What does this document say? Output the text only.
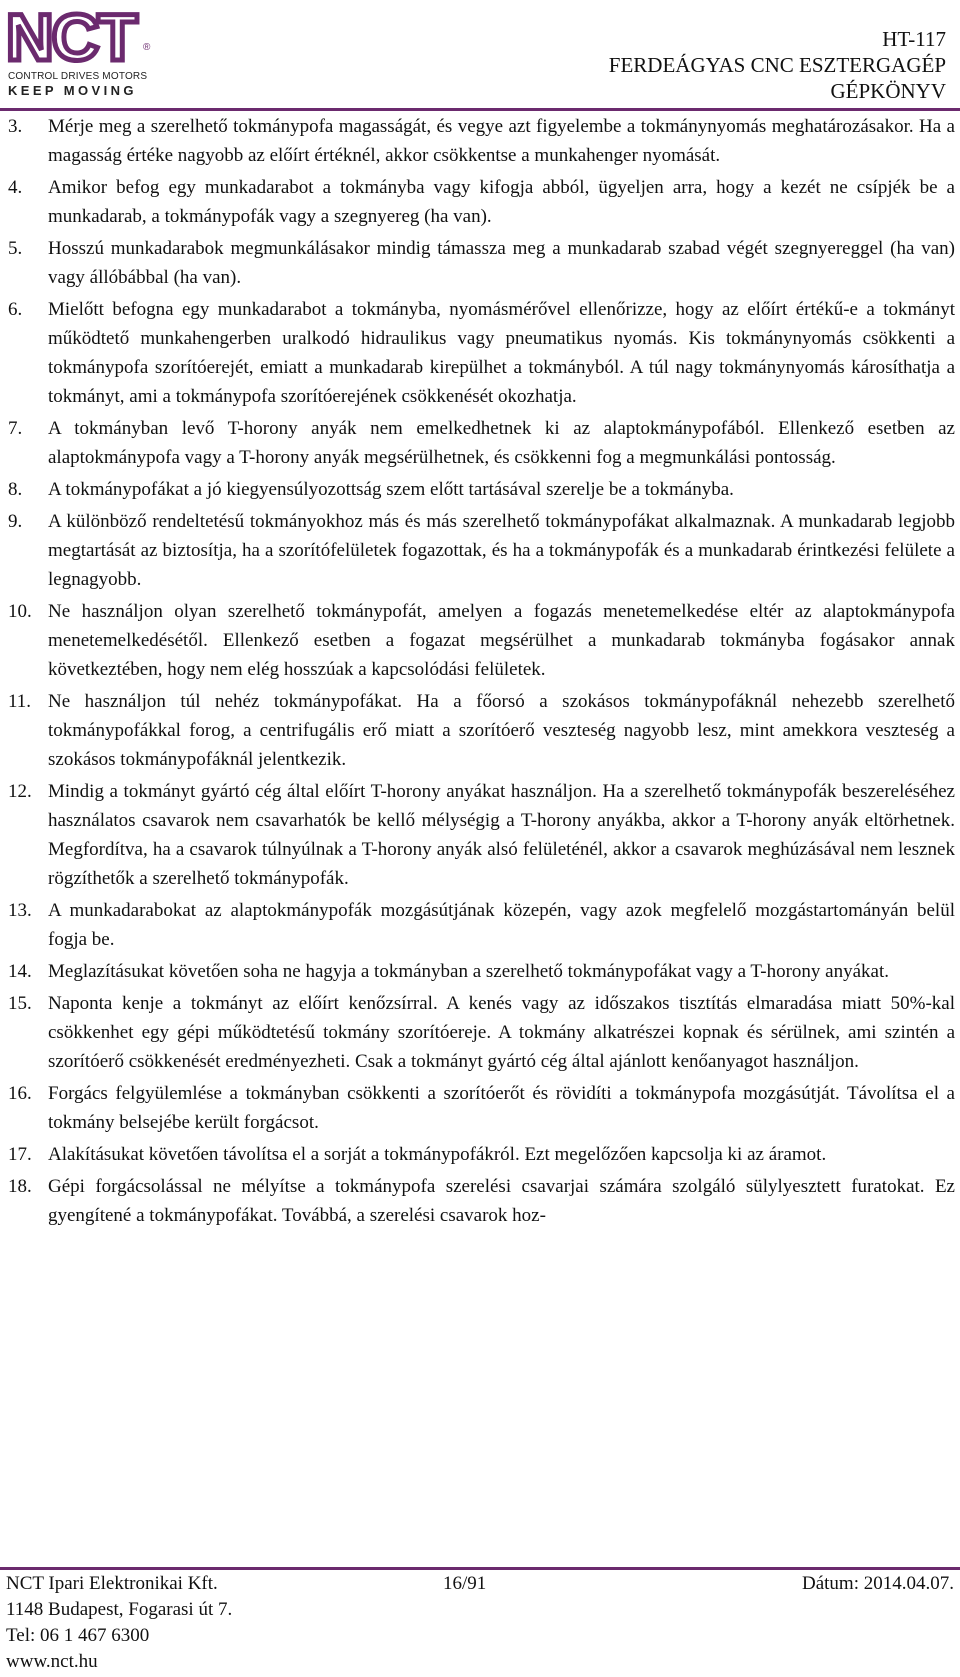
NCT ®
CONTROL DRIVES MOTORS
KEEP MOVING
HT-117
FERDEÁGYAS CNC ESZTERGAGÉP
GÉPKÖNYV
3. Mérje meg a szerelhető tokmánypofa magasságát, és vegye azt figyelembe a tokmánynyomás meghatározásakor. Ha a magasság értéke nagyobb az előírt értéknél, akkor csökkentse a munkahenger nyomását.
4. Amikor befog egy munkadarabot a tokmányba vagy kifogja abból, ügyeljen arra, hogy a kezét ne csípjék be a munkadarab, a tokmánypofák vagy a szegnyereg (ha van).
5. Hosszú munkadarabok megmunkálásakor mindig támassza meg a munkadarab szabad végét szegnyereggel (ha van) vagy állóbábbal (ha van).
6. Mielőtt befogna egy munkadarabot a tokmányba, nyomásmérővel ellenőrizze, hogy az előírt értékű-e a tokmányt működtető munkahengerben uralkodó hidraulikus vagy pneumatikus nyomás. Kis tokmánynyomás csökkenti a tokmánypofa szorítóerejét, emiatt a munkadarab kirepülhet a tokmányból. A túl nagy tokmánynyomás károsíthatja a tokmányt, ami a tokmánypofa szorítóerejének csökkenését okozhatja.
7. A tokmányban levő T-horony anyák nem emelkedhetnek ki az alaptokmánypofából. Ellenkező esetben az alaptokmánypofa vagy a T-horony anyák megsérülhetnek, és csökkenni fog a megmunkálási pontosság.
8. A tokmánypofákat a jó kiegyensúlyozottság szem előtt tartásával szerelje be a tokmányba.
9. A különböző rendeltetésű tokmányokhoz más és más szerelhető tokmánypofákat alkalmaznak. A munkadarab legjobb megtartását az biztosítja, ha a szorítófelületek fogazottak, és ha a tokmánypofák és a munkadarab érintkezési felülete a legnagyobb.
10. Ne használjon olyan szerelhető tokmánypofát, amelyen a fogazás menetemelkedése eltér az alaptokmánypofa menetemelkedésétől. Ellenkező esetben a fogazat megsérülhet a munkadarab tokmányba fogásakor annak következtében, hogy nem elég hosszúak a kapcsolódási felületek.
11. Ne használjon túl nehéz tokmánypofákat. Ha a főorsó a szokásos tokmánypofáknál nehezebb szerelhető tokmánypofákkal forog, a centrifugális erő miatt a szorítóerő veszteség nagyobb lesz, mint amekkora veszteség a szokásos tokmánypofáknál jelentkezik.
12. Mindig a tokmányt gyártó cég által előírt T-horony anyákat használjon. Ha a szerelhető tokmánypofák beszereléséhez használatos csavarok nem csavarhatók be kellő mélységig a T-horony anyákba, akkor a T-horony anyák eltörhetnek. Megfordítva, ha a csavarok túlnyúlnak a T-horony anyák alsó felületénél, akkor a csavarok meghúzásával nem lesznek rögzíthetők a szerelhető tokmánypofák.
13. A munkadarabokat az alaptokmánypofák mozgásútjának közepén, vagy azok megfelelő mozgástartományán belül fogja be.
14. Meglazításukat követően soha ne hagyja a tokmányban a szerelhető tokmánypofákat vagy a T-horony anyákat.
15. Naponta kenje a tokmányt az előírt kenőzsírral. A kenés vagy az időszakos tisztítás elmaradása miatt 50%-kal csökkenhet egy gépi működtetésű tokmány szorítóereje. A tokmány alkatrészei kopnak és sérülnek, ami szintén a szorítóerő csökkenését eredményezheti. Csak a tokmányt gyártó cég által ajánlott kenőanyagot használjon.
16. Forgács felgyülemlése a tokmányban csökkenti a szorítóerőt és rövidíti a tokmánypofa mozgásútját. Távolítsa el a tokmány belsejébe került forgácsot.
17. Alakításukat követően távolítsa el a sorját a tokmánypofákról. Ezt megelőzően kapcsolja ki az áramot.
18. Gépi forgácsolással ne mélyítse a tokmánypofa szerelési csavarjai számára szolgáló sülylyesztett furatokat. Ez gyengítené a tokmánypofákat. Továbbá, a szerelési csavarok hoz-
NCT Ipari Elektronikai Kft.	16/91	Dátum: 2014.04.07.
1148 Budapest, Fogarasi út 7.
Tel: 06 1 467 6300
www.nct.hu
